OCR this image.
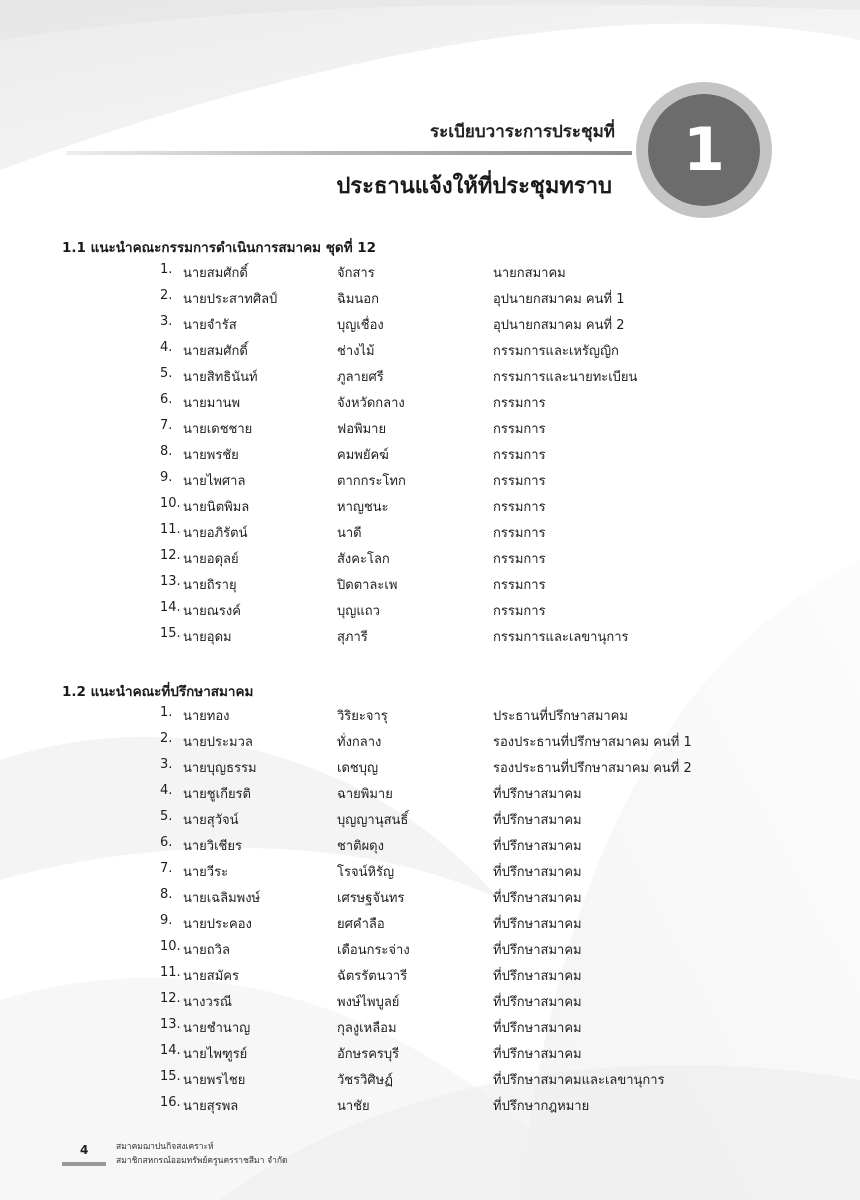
ระเบียบวาระการประชุมที่
ประธานแจ้งให้ที่ประชุมทราบ
1
1.1 แนะนำคณะกรรมการดำเนินการสมาคม ชุดที่ 12
1. นายสมศักดิ์	จักสาร	นายกสมาคม
2. นายประสาทศิลป์	ฉิมนอก	อุปนายกสมาคม คนที่ 1
3. นายจำรัส	บุญเชื่อง	อุปนายกสมาคม คนที่ 2
4. นายสมศักดิ์	ช่างไม้	กรรมการและเหรัญญิก
5. นายสิทธินันท์	ภูลายศรี	กรรมการและนายทะเบียน
6. นายมานพ	จังหวัดกลาง	กรรมการ
7. นายเดชชาย	ฟอพิมาย	กรรมการ
8. นายพรชัย	คมพยัคฆ์	กรรมการ
9. นายไพศาล	ตากกระโทก	กรรมการ
10. นายนิตพิมล	หาญชนะ	กรรมการ
11. นายอภิรัตน์	นาดี	กรรมการ
12. นายอดุลย์	สังคะโลก	กรรมการ
13. นายถิรายุ	ปิดตาละเพ	กรรมการ
14. นายณรงค์	บุญแถว	กรรมการ
15. นายอุดม	สุภารี	กรรมการและเลขานุการ
1.2 แนะนำคณะที่ปรึกษาสมาคม
1. นายทอง	วิริยะจารุ	ประธานที่ปรึกษาสมาคม
2. นายประมวล	ทั่งกลาง	รองประธานที่ปรึกษาสมาคม คนที่ 1
3. นายบุญธรรม	เดชบุญ	รองประธานที่ปรึกษาสมาคม คนที่ 2
4. นายชูเกียรติ	ฉายพิมาย	ที่ปรึกษาสมาคม
5. นายสุวัจน์	บุญญานุสนธิ์	ที่ปรึกษาสมาคม
6. นายวิเชียร	ชาติผดุง	ที่ปรึกษาสมาคม
7. นายวีระ	โรจน์หิรัญ	ที่ปรึกษาสมาคม
8. นายเฉลิมพงษ์	เศรษฐจันทร	ที่ปรึกษาสมาคม
9. นายประคอง	ยศคำลือ	ที่ปรึกษาสมาคม
10. นายถวิล	เดือนกระจ่าง	ที่ปรึกษาสมาคม
11. นายสมัคร	ฉัตรรัตนวารี	ที่ปรึกษาสมาคม
12. นางวรณี	พงษ์ไพบูลย์	ที่ปรึกษาสมาคม
13. นายชำนาญ	กุลงูเหลือม	ที่ปรึกษาสมาคม
14. นายไพฑูรย์	อักษรครบุรี	ที่ปรึกษาสมาคม
15. นายพรไชย	วัชรวิศิษฏ์	ที่ปรึกษาสมาคมและเลขานุการ
16. นายสุรพล	นาชัย	ที่ปรึกษากฎหมาย
4	สมาคมฌาปนกิจสงเคราะห์
สมาชิกสหกรณ์ออมทรัพย์ครูนครราชสีมา จำกัด
